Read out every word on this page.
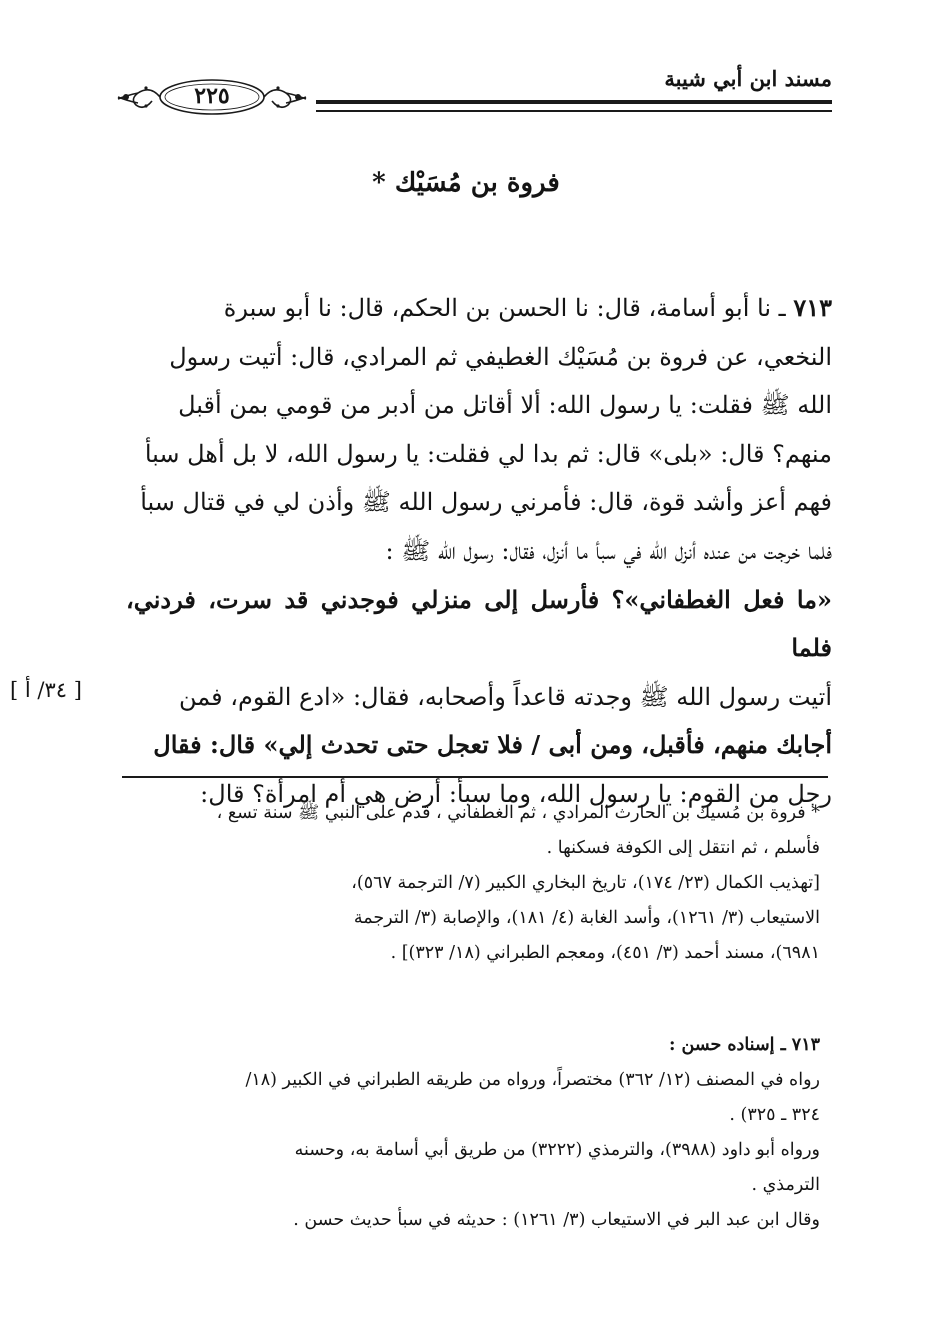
مسند ابن أبي شيبة
٢٢٥
فروة بن مُسَيْك *

٧١٣ ـ نا أبو أسامة، قال: نا الحسن بن الحكم، قال: نا أبو سبرة

النخعي، عن فروة بن مُسَيْك الغطيفي ثم المرادي، قال: أتيت رسول

الله ﷺ فقلت: يا رسول الله: ألا أقاتل من أدبر من قومي بمن أقبل

منهم؟ قال: «بلى» قال: ثم بدا لي فقلت: يا رسول الله، لا بل أهل سبأ

فهم أعز وأشد قوة، قال: فأمرني رسول الله ﷺ وأذن لي في قتال سبأ

فلما خرجت من عنده أنزل الله في سبأ ما أنزل، فقال: رسول الله ﷺ :

«ما فعل الغطفاني»؟ فأرسل إلى منزلي فوجدني قد سرت، فردني، فلما

أتيت رسول الله ﷺ وجدته قاعداً وأصحابه، فقال: «ادع القوم، فمن

أجابك منهم، فأقبل، ومن أبى / فلا تعجل حتى تحدث إلي» قال: فقال

رجل من القوم: يا رسول الله، وما سبأ: أرض هي أم امرأة؟ قال:

[ ٣٤/ أ ]

* فروة بن مُسيك بن الحارث المرادي ، ثم الغطفاني ، قدم على النبي ﷺ سنة تسع ،

فأسلم ، ثم انتقل إلى الكوفة فسكنها .

[تهذيب الكمال (٢٣/ ١٧٤)، تاريخ البخاري الكبير (٧/ الترجمة ٥٦٧)،

الاستيعاب (٣/ ١٢٦١)، وأسد الغابة (٤/ ١٨١)، والإصابة (٣/ الترجمة

٦٩٨١)، مسند أحمد (٣/ ٤٥١)، ومعجم الطبراني (١٨/ ٣٢٣)] .

٧١٣ ـ إسناده حسن :

رواه في المصنف (١٢/ ٣٦٢) مختصراً، ورواه من طريقه الطبراني في الكبير (١٨/

٣٢٤ ـ ٣٢٥) .

ورواه أبو داود (٣٩٨٨)، والترمذي (٣٢٢٢) من طريق أبي أسامة به، وحسنه

الترمذي .

وقال ابن عبد البر في الاستيعاب (٣/ ١٢٦١) : حديثه في سبأ حديث حسن .
